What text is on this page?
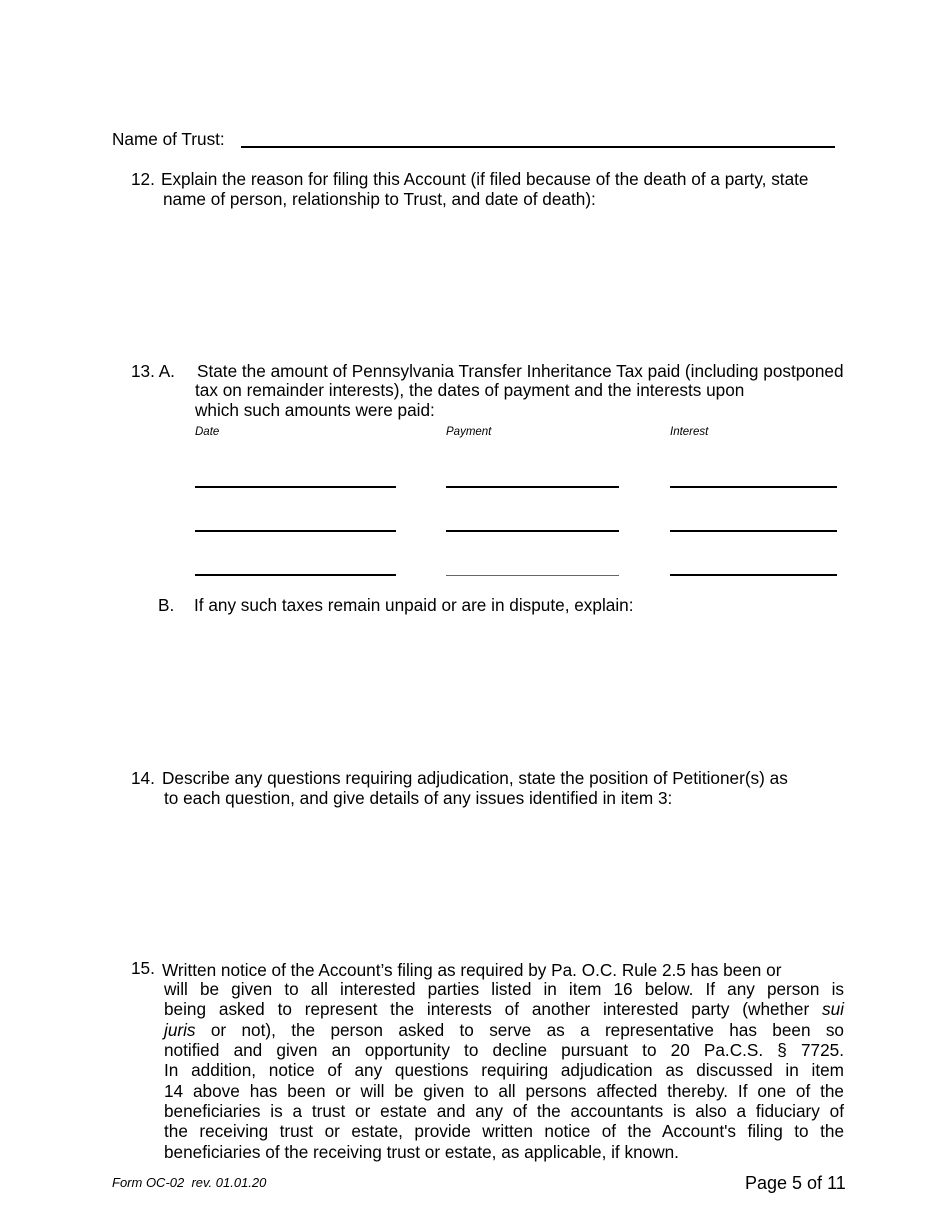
Name of Trust:
12. Explain the reason for filing this Account (if filed because of the death of a party, state
name of person, relationship to Trust, and date of death):
13. A. State the amount of Pennsylvania Transfer Inheritance Tax paid (including postponed
tax on remainder interests), the dates of payment and the interests upon
which such amounts were paid:
Date	Payment	Interest
B. If any such taxes remain unpaid or are in dispute, explain:
14. Describe any questions requiring adjudication, state the position of Petitioner(s) as
to each question, and give details of any issues identified in item 3:
15. Written notice of the Account’s filing as required by Pa. O.C. Rule 2.5 has been or
will be given to all interested parties listed in item 16 below. If any person is
being asked to represent the interests of another interested party (whether sui
juris or not), the person asked to serve as a representative has been so
notified and given an opportunity to decline pursuant to 20 Pa.C.S. § 7725.
In addition, notice of any questions requiring adjudication as discussed in item
14 above has been or will be given to all persons affected thereby. If one of the
beneficiaries is a trust or estate and any of the accountants is also a fiduciary of
the receiving trust or estate, provide written notice of the Account's filing to the
beneficiaries of the receiving trust or estate, as applicable, if known.
Form OC-02  rev. 01.01.20	Page 5 of 11
